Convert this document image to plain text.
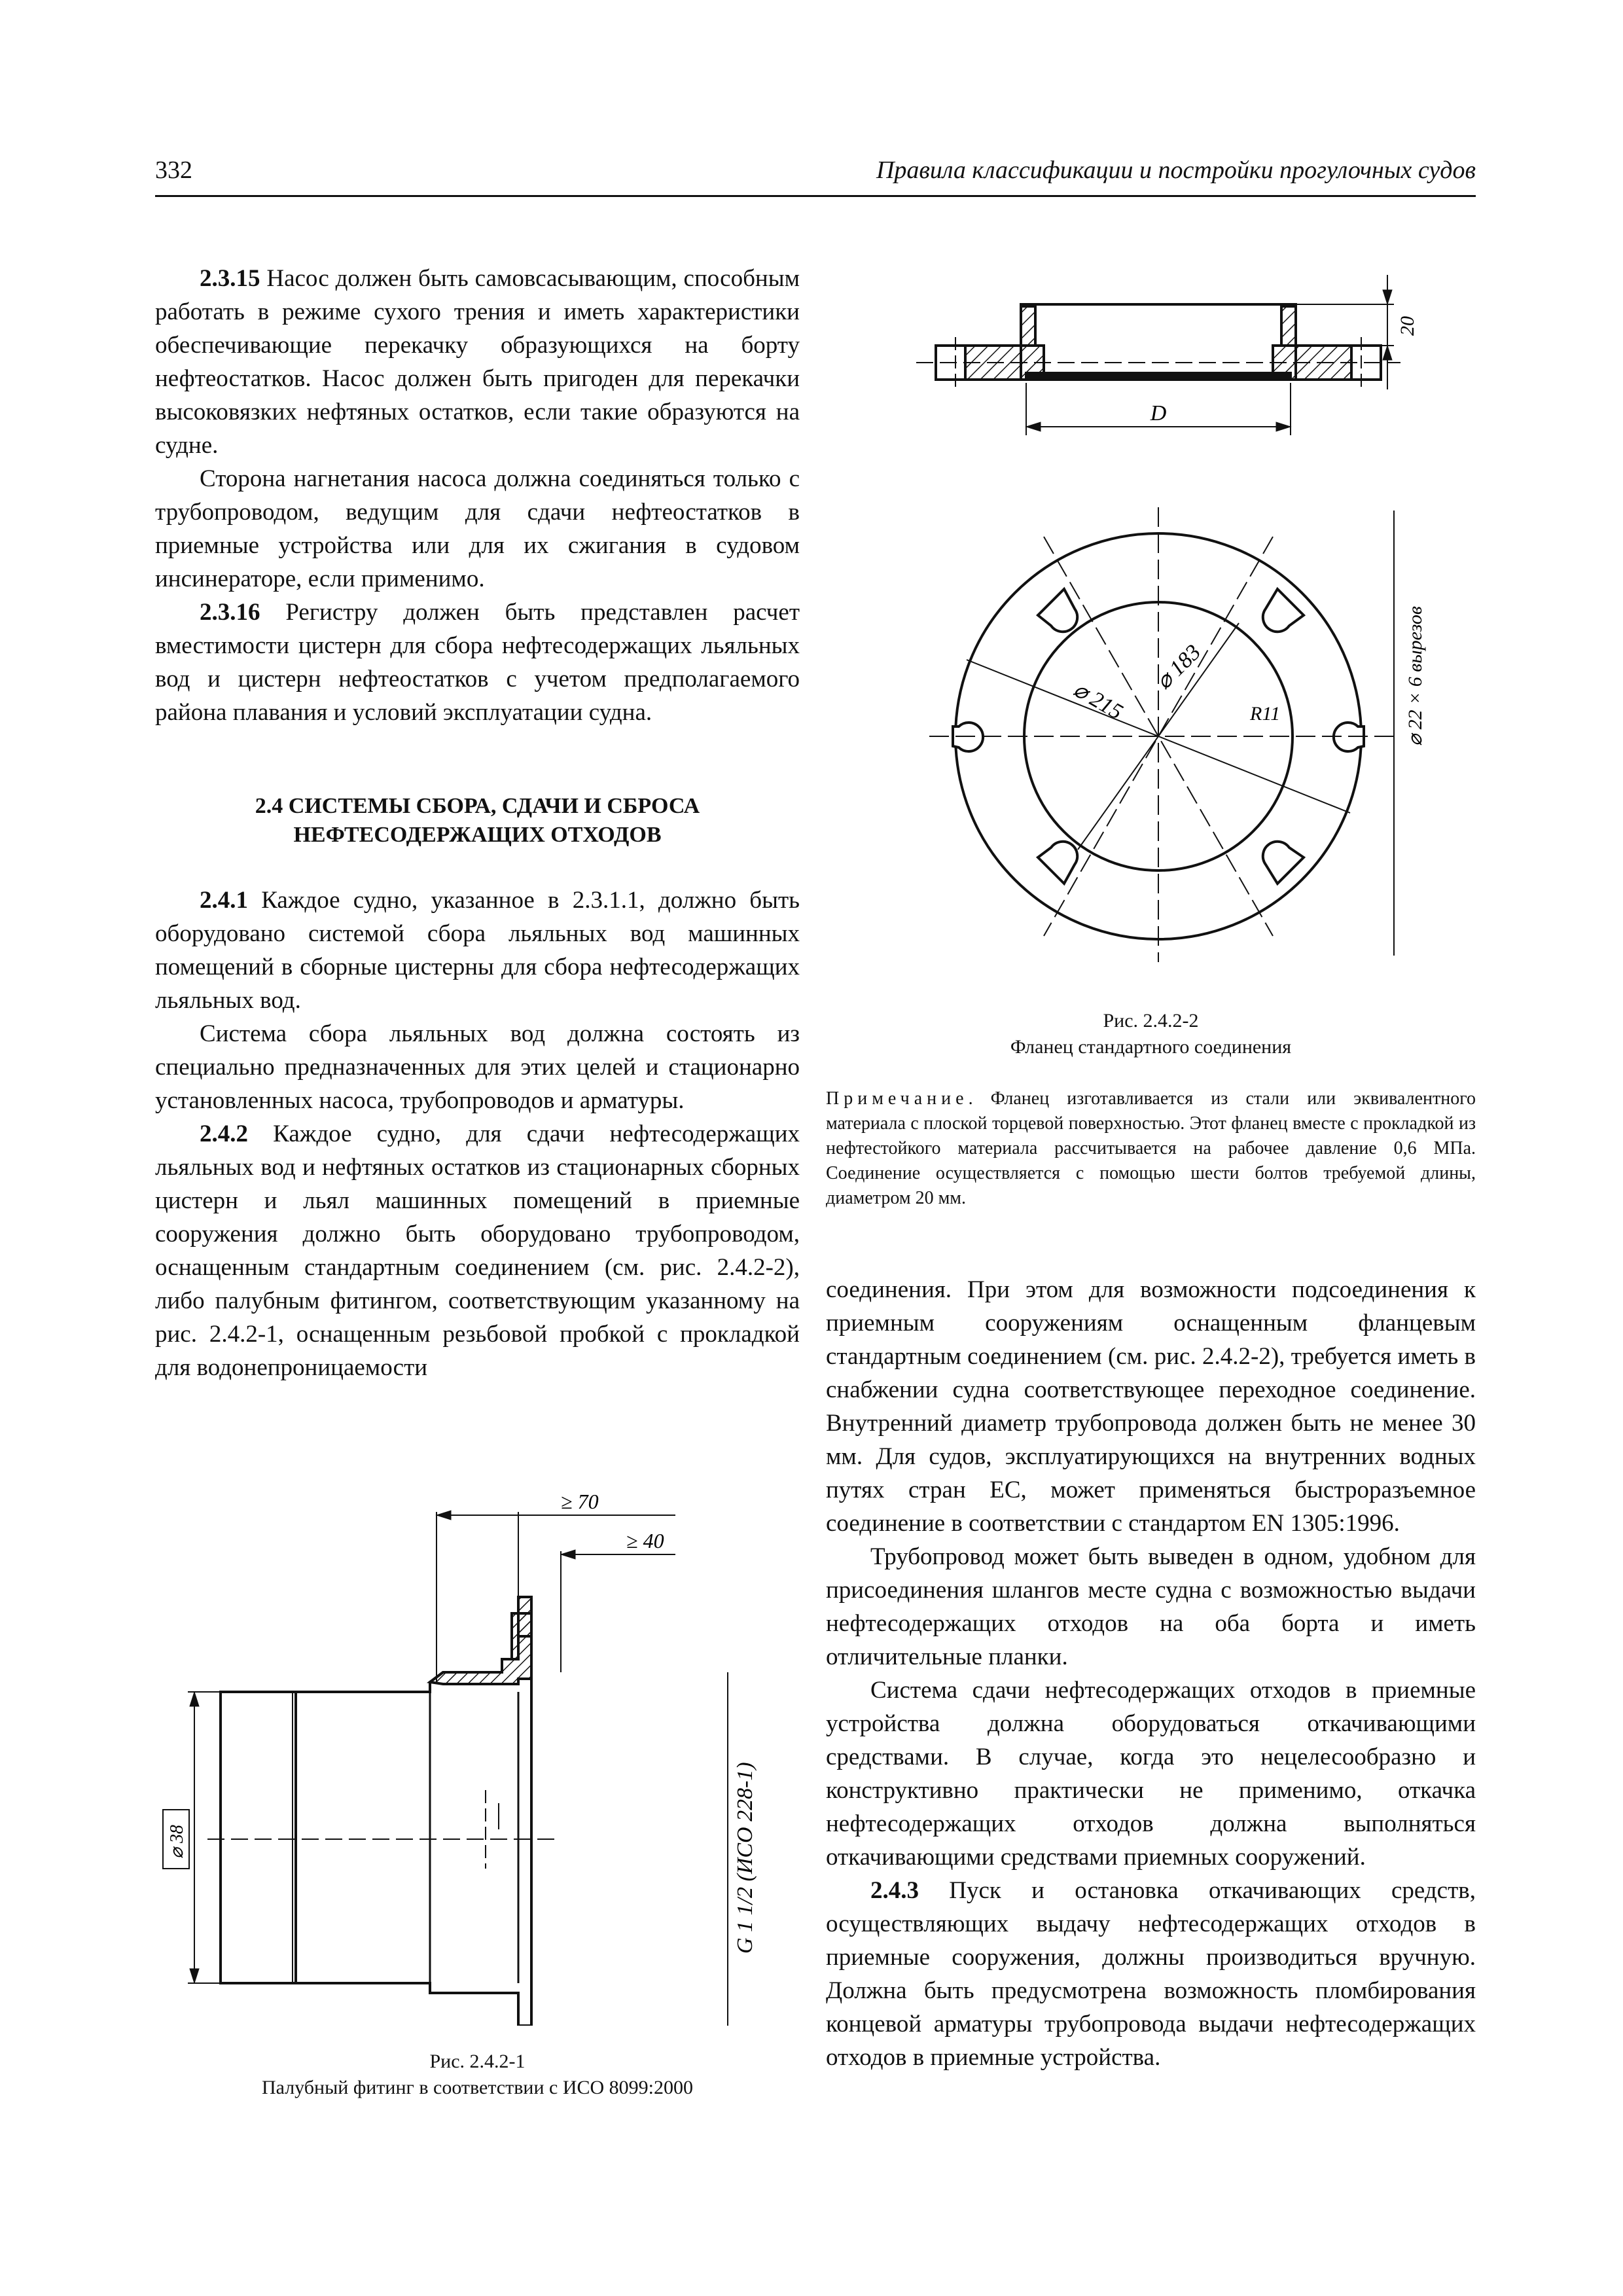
332	Правила классификации и постройки прогулочных судов

2.3.15 Насос должен быть самовсасывающим, способным работать в режиме сухого трения и иметь характеристики обеспечивающие перекачку образующихся на борту нефтеостатков. Насос должен быть пригоден для перекачки высоковязких нефтяных остатков, если такие образуются на судне.

Сторона нагнетания насоса должна соединяться только с трубопроводом, ведущим для сдачи нефтеостатков в приемные устройства или для их сжигания в судовом инсинераторе, если применимо.

2.3.16 Регистру должен быть представлен расчет вместимости цистерн для сбора нефтесодержащих льяльных вод и цистерн нефтеостатков с учетом предполагаемого района плавания и условий эксплуатации судна.

2.4 СИСТЕМЫ СБОРА, СДАЧИ И СБРОСА
НЕФТЕСОДЕРЖАЩИХ ОТХОДОВ

2.4.1 Каждое судно, указанное в 2.3.1.1, должно быть оборудовано системой сбора льяльных вод машинных помещений в сборные цистерны для сбора нефтесодержащих льяльных вод.

Система сбора льяльных вод должна состоять из специально предназначенных для этих целей и стационарно установленных насоса, трубопроводов и арматуры.

2.4.2 Каждое судно, для сдачи нефтесодержащих льяльных вод и нефтяных остатков из стационарных сборных цистерн и льял машинных помещений в приемные сооружения должно быть оборудовано трубопроводом, оснащенным стандартным соединением (см. рис. 2.4.2-2), либо палубным фитингом, соответствующим указанному на рис. 2.4.2-1, оснащенным резьбовой пробкой с прокладкой для водонепроницаемости

соединения. При этом для возможности подсоединения к приемным сооружениям оснащенным фланцевым стандартным соединением (см. рис. 2.4.2-2), требуется иметь в снабжении судна соответствующее переходное соединение. Внутренний диаметр трубопровода должен быть не менее 30 мм. Для судов, эксплуатирующихся на внутренних водных путях стран ЕС, может применяться быстроразъемное соединение в соответствии с стандартом EN 1305:1996.

Трубопровод может быть выведен в одном, удобном для присоединения шлангов месте судна с возможностью выдачи нефтесодержащих отходов на оба борта и иметь отличительные планки.

Система сдачи нефтесодержащих отходов в приемные устройства должна оборудоваться откачивающими средствами. В случае, когда это нецелесообразно и конструктивно практически не применимо, откачка нефтесодержащих отходов должна выполняться откачивающими средствами приемных сооружений.

2.4.3 Пуск и остановка откачивающих средств, осуществляющих выдачу нефтесодержащих отходов в приемные сооружения, должны производиться вручную. Должна быть предусмотрена возможность пломбирования концевой арматуры трубопровода выдачи нефтесодержащих отходов в приемные устройства.

D
20
⌀ 215
⌀ 183
R11	⌀ 22 × 6 вырезов
Рис. 2.4.2-2
Фланец стандартного соединения
Примечание. Фланец изготавливается из стали или эквивалентного материала с плоской торцевой поверхностью. Этот фланец вместе с прокладкой из нефтестойкого материала рассчитывается на рабочее давление 0,6 МПа. Соединение осуществляется с помощью шести болтов требуемой длины, диаметром 20 мм.
≥ 70
≥ 40
⌀ 38	G 1 1/2 (ИСО 228-1)
Рис. 2.4.2-1
Палубный фитинг в соответствии с ИСО 8099:2000
